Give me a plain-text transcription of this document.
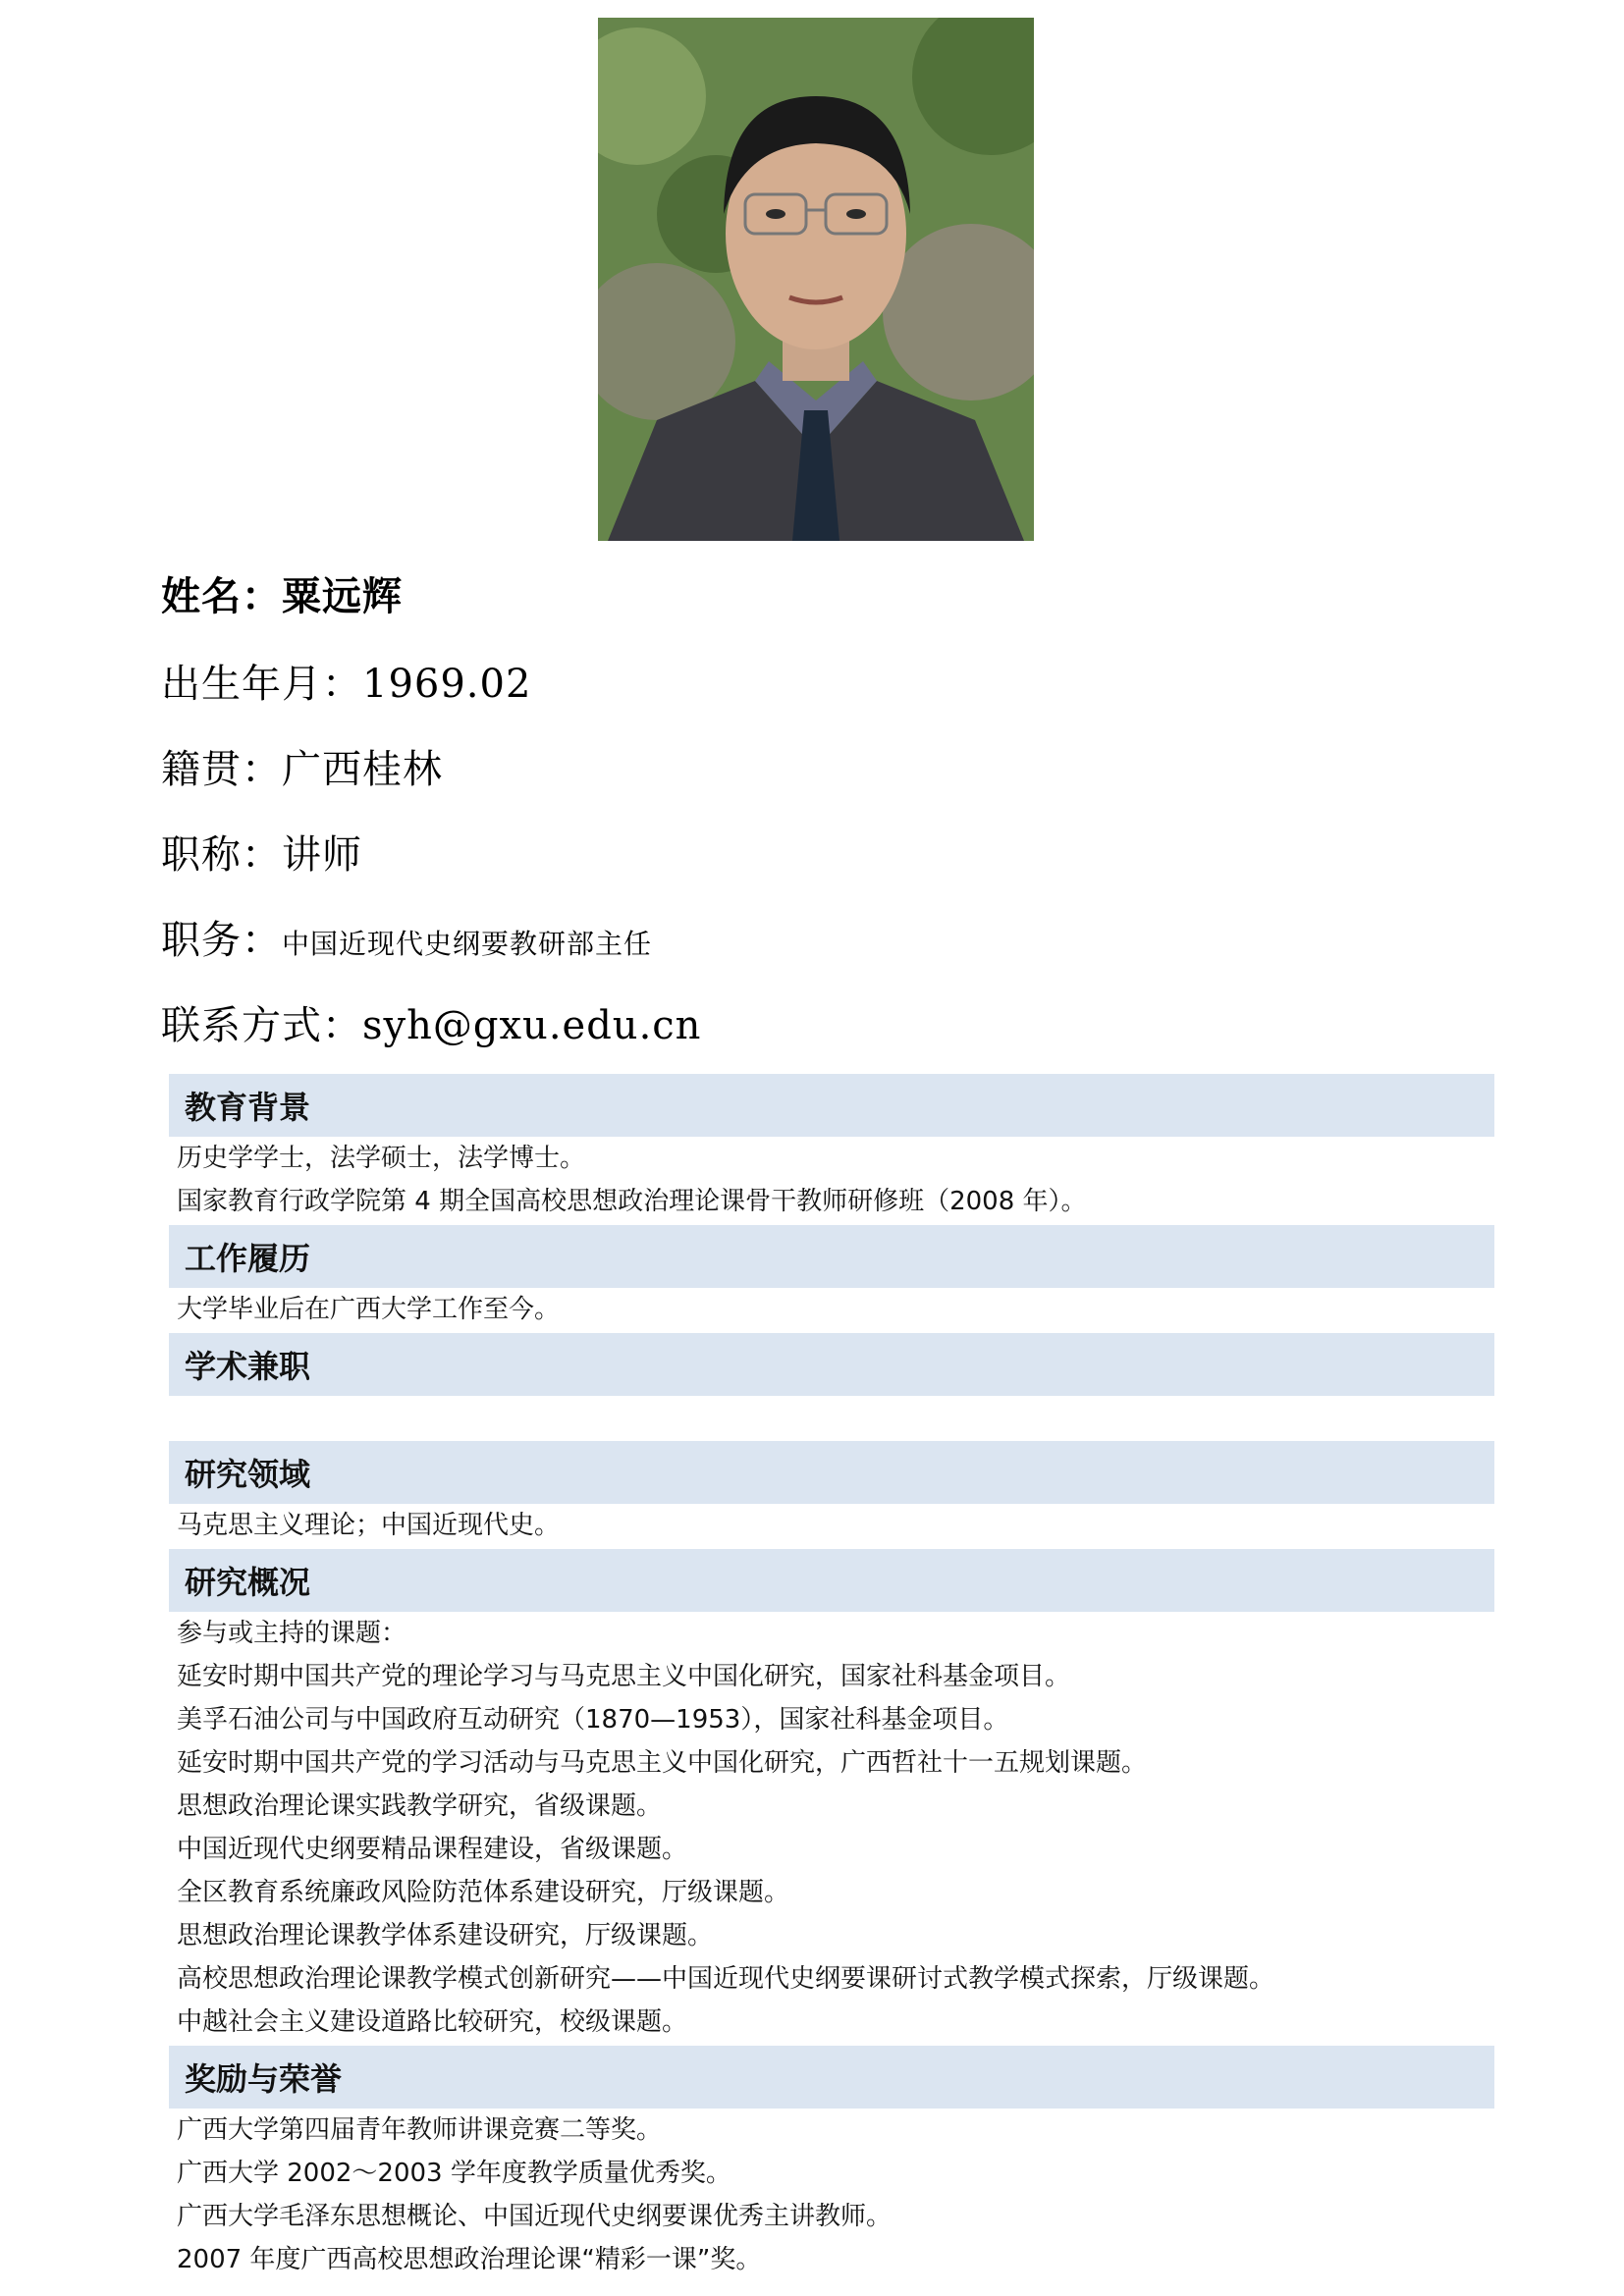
姓名：粟远辉
出生年月：1969.02
籍贯：广西桂林
职称：讲师
职务：中国近现代史纲要教研部主任
联系方式：syh@gxu.edu.cn
教育背景
历史学学士，法学硕士，法学博士。
国家教育行政学院第 4 期全国高校思想政治理论课骨干教师研修班（2008 年）。
工作履历
大学毕业后在广西大学工作至今。
学术兼职
研究领域
马克思主义理论；中国近现代史。
研究概况
参与或主持的课题：
延安时期中国共产党的理论学习与马克思主义中国化研究，国家社科基金项目。
美孚石油公司与中国政府互动研究（1870—1953），国家社科基金项目。
延安时期中国共产党的学习活动与马克思主义中国化研究，广西哲社十一五规划课题。
思想政治理论课实践教学研究，省级课题。
中国近现代史纲要精品课程建设，省级课题。
全区教育系统廉政风险防范体系建设研究，厅级课题。
思想政治理论课教学体系建设研究，厅级课题。
高校思想政治理论课教学模式创新研究——中国近现代史纲要课研讨式教学模式探索，厅级课题。
中越社会主义建设道路比较研究，校级课题。
奖励与荣誉
广西大学第四届青年教师讲课竞赛二等奖。
广西大学 2002～2003 学年度教学质量优秀奖。
广西大学毛泽东思想概论、中国近现代史纲要课优秀主讲教师。
2007 年度广西高校思想政治理论课“精彩一课”奖。
